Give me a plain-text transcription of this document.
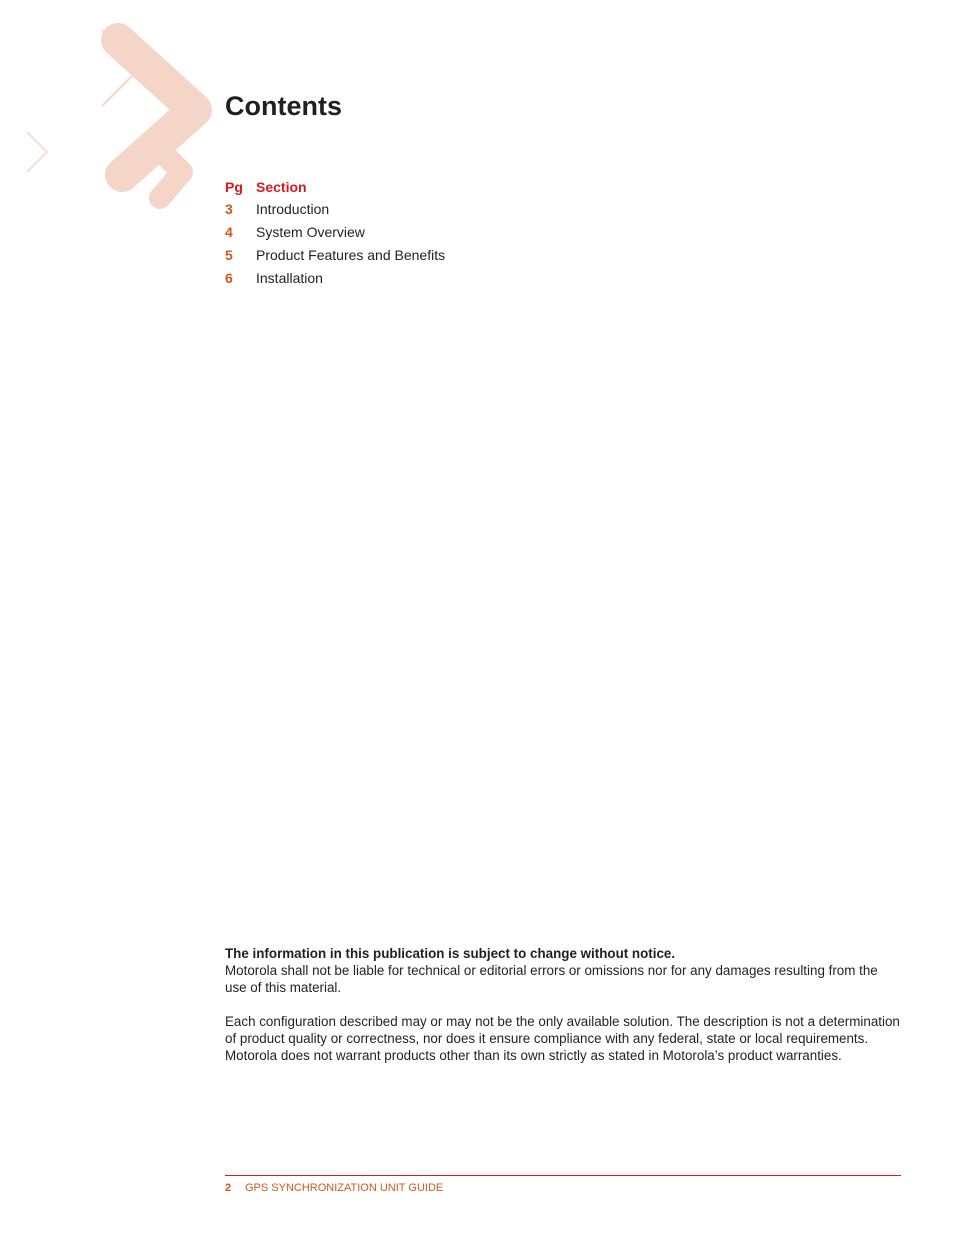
Contents
Pg Section
3	Introduction
4	System Overview
5	Product Features and Benefits
6	Installation

The information in this publication is subject to change without notice.

Motorola shall not be liable for technical or editorial errors or omissions nor for any damages resulting from the use of this material.

Each configuration described may or may not be the only available solution. The description is not a determination of product quality or correctness, nor does it ensure compliance with any federal, state or local requirements. Motorola does not warrant products other than its own strictly as stated in Motorola’s product warranties.

2	GPS SYNCHRONIZATION UNIT GUIDE
